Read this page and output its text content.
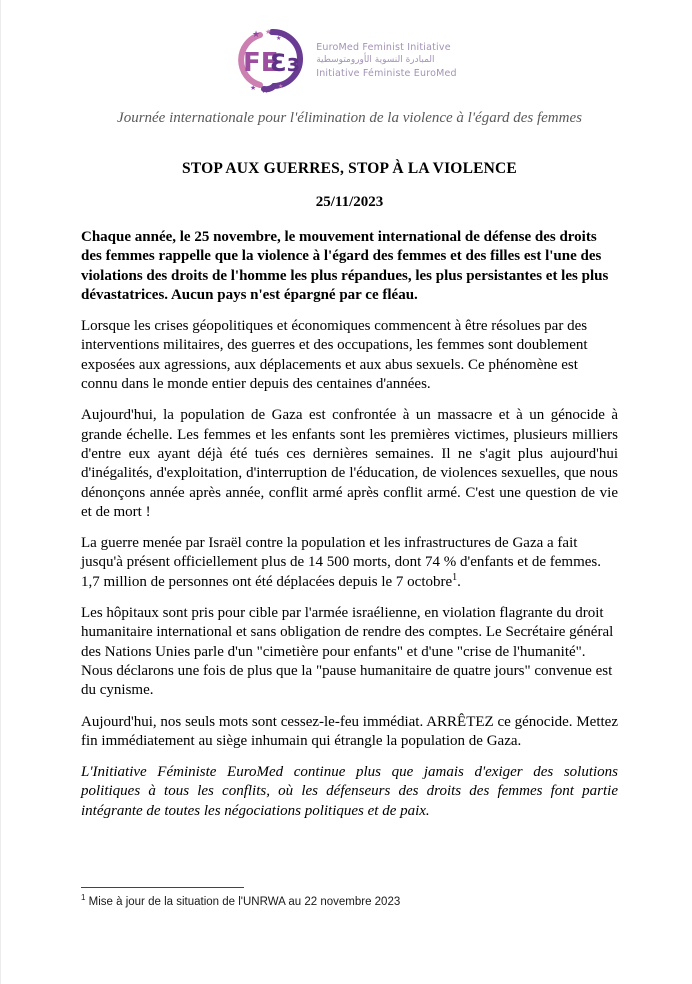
FE
Ɛɜ
★ ★
★
★ ★ ★
EuroMed Feminist Initiative
المبادرة النسوية الأورومتوسطية
Initiative Féministe EuroMed
Journée internationale pour l'élimination de la violence à l'égard des femmes
STOP AUX GUERRES, STOP À LA VIOLENCE
25/11/2023

Chaque année, le 25 novembre, le mouvement international de défense des droits des femmes rappelle que la violence à l'égard des femmes et des filles est l'une des violations des droits de l'homme les plus répandues, les plus persistantes et les plus dévastatrices. Aucun pays n'est épargné par ce fléau.

Lorsque les crises géopolitiques et économiques commencent à être résolues par des interventions militaires, des guerres et des occupations, les femmes sont doublement exposées aux agressions, aux déplacements et aux abus sexuels. Ce phénomène est connu dans le monde entier depuis des centaines d'années.

Aujourd'hui, la population de Gaza est confrontée à un massacre et à un génocide à grande échelle. Les femmes et les enfants sont les premières victimes, plusieurs milliers d'entre eux ayant déjà été tués ces dernières semaines. Il ne s'agit plus aujourd'hui d'inégalités, d'exploitation, d'interruption de l'éducation, de violences sexuelles, que nous dénonçons année après année, conflit armé après conflit armé. C'est une question de vie et de mort !

La guerre menée par Israël contre la population et les infrastructures de Gaza a fait jusqu'à présent officiellement plus de 14 500 morts, dont 74 % d'enfants et de femmes. 1,7 million de personnes ont été déplacées depuis le 7 octobre$^1$.

Les hôpitaux sont pris pour cible par l'armée israélienne, en violation flagrante du droit humanitaire international et sans obligation de rendre des comptes. Le Secrétaire général des Nations Unies parle d'un "cimetière pour enfants" et d'une "crise de l'humanité". Nous déclarons une fois de plus que la "pause humanitaire de quatre jours" convenue est du cynisme.

Aujourd'hui, nos seuls mots sont cessez-le-feu immédiat. ARRÊTEZ ce génocide. Mettez fin immédiatement au siège inhumain qui étrangle la population de Gaza.

L'Initiative Féministe EuroMed continue plus que jamais d'exiger des solutions politiques à tous les conflits, où les défenseurs des droits des femmes font partie intégrante de toutes les négociations politiques et de paix.

$^1$ Mise à jour de la situation de l'UNRWA au 22 novembre 2023
